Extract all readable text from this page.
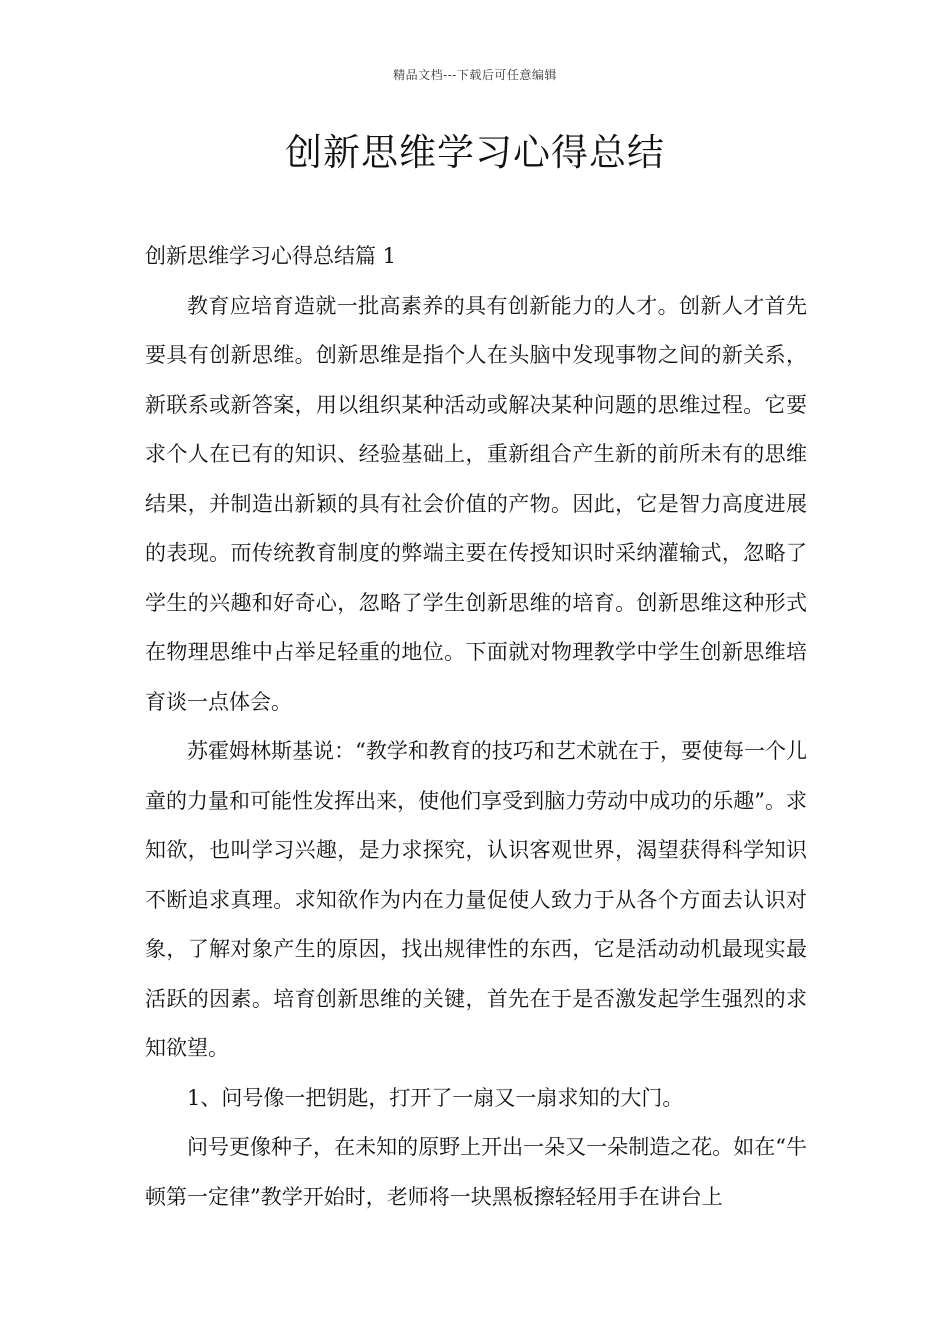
精品文档---下载后可任意编辑
创新思维学习心得总结

创新思维学习心得总结篇 1

教育应培育造就一批高素养的具有创新能力的人才。创新人才首先要具有创新思维。创新思维是指个人在头脑中发现事物之间的新关系，新联系或新答案，用以组织某种活动或解决某种问题的思维过程。它要求个人在已有的知识、经验基础上，重新组合产生新的前所未有的思维结果，并制造出新颖的具有社会价值的产物。因此，它是智力高度进展的表现。而传统教育制度的弊端主要在传授知识时采纳灌输式，忽略了学生的兴趣和好奇心，忽略了学生创新思维的培育。创新思维这种形式在物理思维中占举足轻重的地位。下面就对物理教学中学生创新思维培育谈一点体会。

苏霍姆林斯基说：“教学和教育的技巧和艺术就在于，要使每一个儿童的力量和可能性发挥出来，使他们享受到脑力劳动中成功的乐趣”。求知欲，也叫学习兴趣，是力求探究，认识客观世界，渴望获得科学知识不断追求真理。求知欲作为内在力量促使人致力于从各个方面去认识对象，了解对象产生的原因，找出规律性的东西，它是活动动机最现实最活跃的因素。培育创新思维的关键，首先在于是否激发起学生强烈的求知欲望。

1、问号像一把钥匙，打开了一扇又一扇求知的大门。

问号更像种子，在未知的原野上开出一朵又一朵制造之花。如在“牛顿第一定律”教学开始时，老师将一块黑板擦轻轻用手在讲台上
